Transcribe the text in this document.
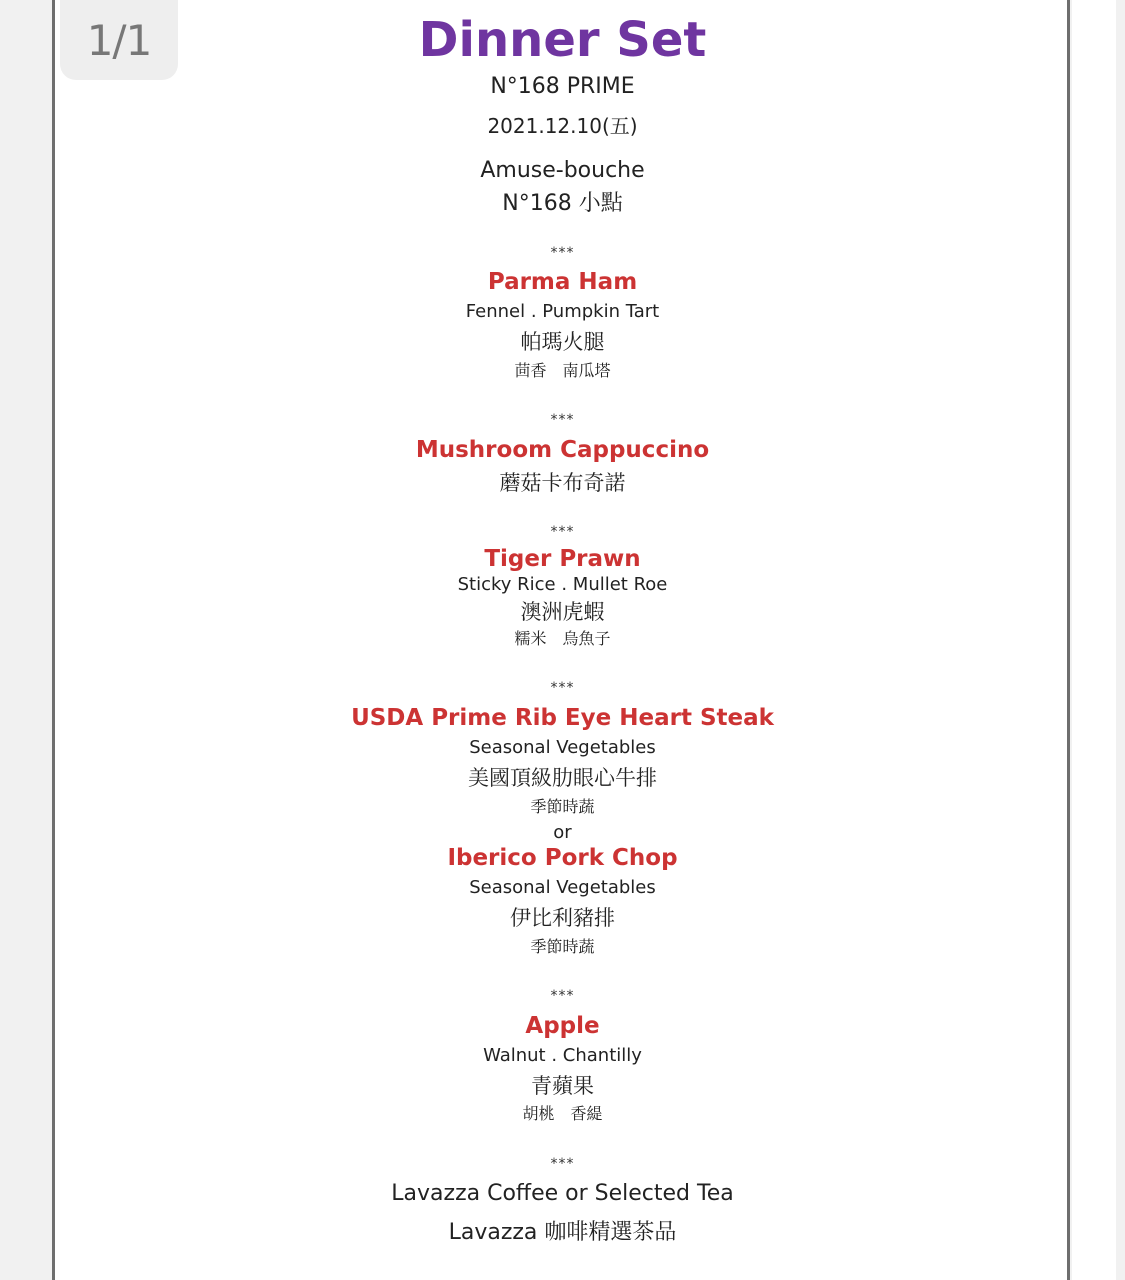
1/1	Dinner Set
N°168 PRIME
2021.12.10(五)
Amuse-bouche
N°168 小點
***
Parma Ham
Fennel . Pumpkin Tart
帕瑪火腿
茴香　南瓜塔
***
Mushroom Cappuccino
蘑菇卡布奇諾
***
Tiger Prawn
Sticky Rice . Mullet Roe
澳洲虎蝦
糯米　烏魚子
***
USDA Prime Rib Eye Heart Steak
Seasonal Vegetables
美國頂級肋眼心牛排
季節時蔬
or
Iberico Pork Chop
Seasonal Vegetables
伊比利豬排
季節時蔬
***
Apple
Walnut . Chantilly
青蘋果
胡桃　香緹
***
Lavazza Coffee or Selected Tea
Lavazza 咖啡精選茶品
